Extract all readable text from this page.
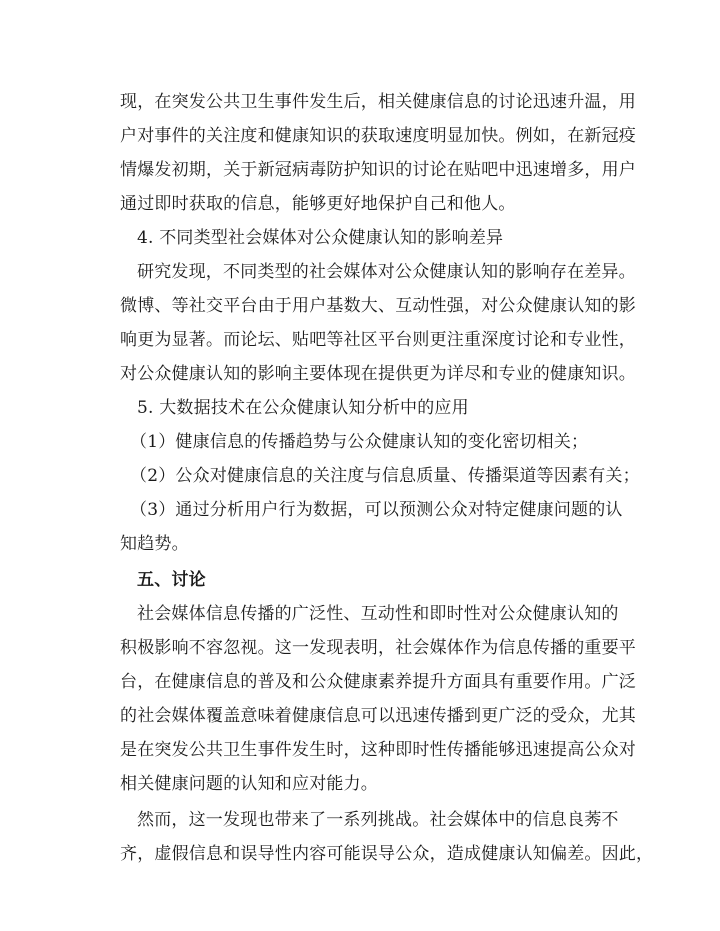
现，在突发公共卫生事件发生后，相关健康信息的讨论迅速升温，用
户对事件的关注度和健康知识的获取速度明显加快。例如，在新冠疫
情爆发初期，关于新冠病毒防护知识的讨论在贴吧中迅速增多，用户
通过即时获取的信息，能够更好地保护自己和他人。
4. 不同类型社会媒体对公众健康认知的影响差异
研究发现，不同类型的社会媒体对公众健康认知的影响存在差异。
微博、等社交平台由于用户基数大、互动性强，对公众健康认知的影
响更为显著。而论坛、贴吧等社区平台则更注重深度讨论和专业性，
对公众健康认知的影响主要体现在提供更为详尽和专业的健康知识。
5. 大数据技术在公众健康认知分析中的应用
（1）健康信息的传播趋势与公众健康认知的变化密切相关；
（2）公众对健康信息的关注度与信息质量、传播渠道等因素有关；
（3）通过分析用户行为数据，可以预测公众对特定健康问题的认
知趋势。
五、讨论
社会媒体信息传播的广泛性、互动性和即时性对公众健康认知的
积极影响不容忽视。这一发现表明，社会媒体作为信息传播的重要平
台，在健康信息的普及和公众健康素养提升方面具有重要作用。广泛
的社会媒体覆盖意味着健康信息可以迅速传播到更广泛的受众，尤其
是在突发公共卫生事件发生时，这种即时性传播能够迅速提高公众对
相关健康问题的认知和应对能力。
然而，这一发现也带来了一系列挑战。社会媒体中的信息良莠不
齐，虚假信息和误导性内容可能误导公众，造成健康认知偏差。因此，
